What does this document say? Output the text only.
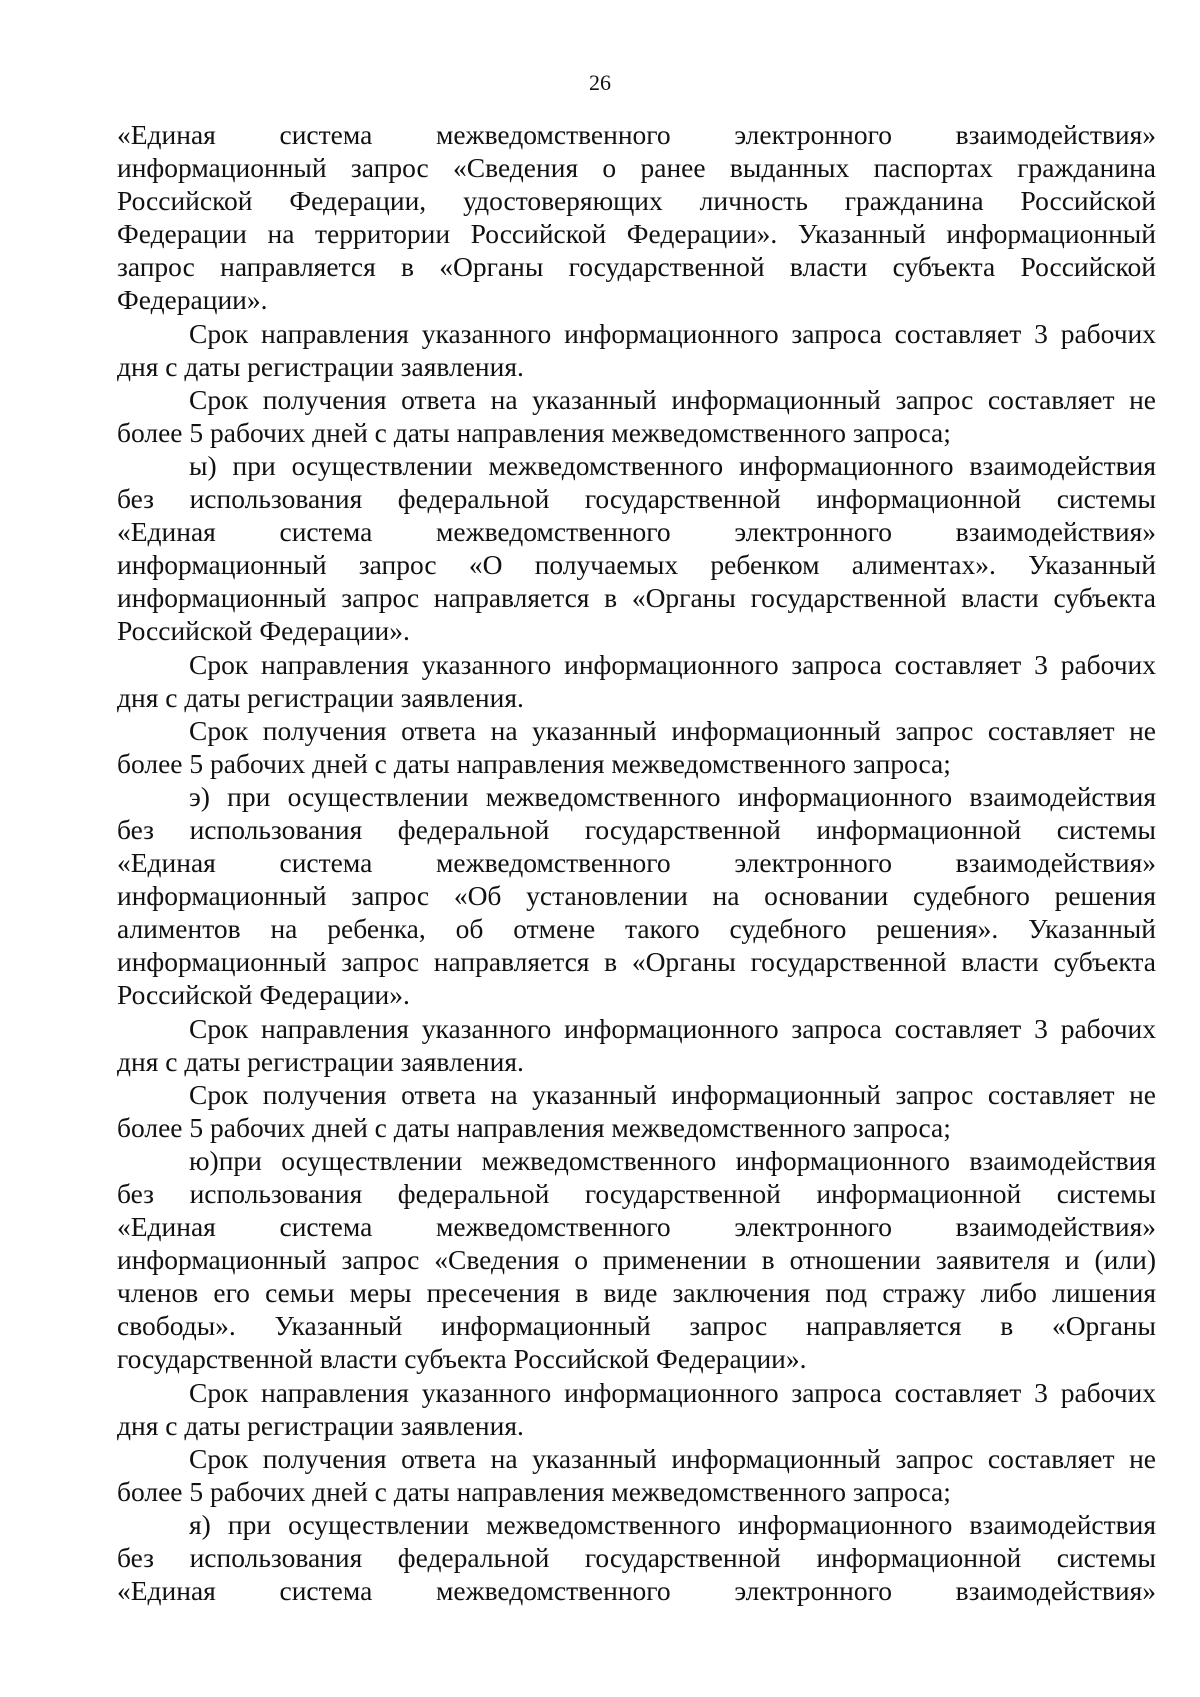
26
«Единая система межведомственного электронного взаимодействия»
информационный запрос «Сведения о ранее выданных паспортах гражданина
Российской Федерации, удостоверяющих личность гражданина Российской
Федерации на территории Российской Федерации». Указанный информационный
запрос направляется в «Органы государственной власти субъекта Российской
Федерации».
Срок направления указанного информационного запроса составляет 3 рабочих
дня с даты регистрации заявления.
Срок получения ответа на указанный информационный запрос составляет не
более 5 рабочих дней с даты направления межведомственного запроса;
ы) при осуществлении межведомственного информационного взаимодействия
без использования федеральной государственной информационной системы
«Единая система межведомственного электронного взаимодействия»
информационный запрос «О получаемых ребенком алиментах». Указанный
информационный запрос направляется в «Органы государственной власти субъекта
Российской Федерации».
Срок направления указанного информационного запроса составляет 3 рабочих
дня с даты регистрации заявления.
Срок получения ответа на указанный информационный запрос составляет не
более 5 рабочих дней с даты направления межведомственного запроса;
э) при осуществлении межведомственного информационного взаимодействия
без использования федеральной государственной информационной системы
«Единая система межведомственного электронного взаимодействия»
информационный запрос «Об установлении на основании судебного решения
алиментов на ребенка, об отмене такого судебного решения». Указанный
информационный запрос направляется в «Органы государственной власти субъекта
Российской Федерации».
Срок направления указанного информационного запроса составляет 3 рабочих
дня с даты регистрации заявления.
Срок получения ответа на указанный информационный запрос составляет не
более 5 рабочих дней с даты направления межведомственного запроса;
ю)при осуществлении межведомственного информационного взаимодействия
без использования федеральной государственной информационной системы
«Единая система межведомственного электронного взаимодействия»
информационный запрос «Сведения о применении в отношении заявителя и (или)
членов его семьи меры пресечения в виде заключения под стражу либо лишения
свободы». Указанный информационный запрос направляется в «Органы
государственной власти субъекта Российской Федерации».
Срок направления указанного информационного запроса составляет 3 рабочих
дня с даты регистрации заявления.
Срок получения ответа на указанный информационный запрос составляет не
более 5 рабочих дней с даты направления межведомственного запроса;
я) при осуществлении межведомственного информационного взаимодействия
без использования федеральной государственной информационной системы
«Единая система межведомственного электронного взаимодействия»
